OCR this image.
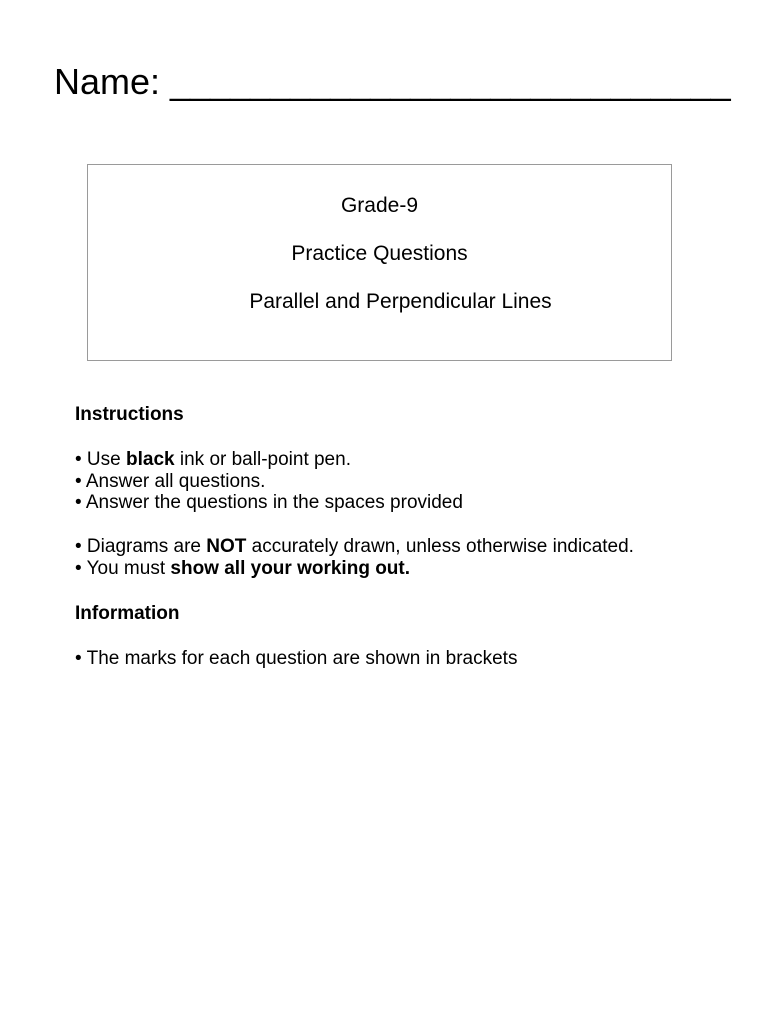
Name: ____________________________
Grade-9
Practice Questions
Parallel and Perpendicular Lines
Instructions
• Use black ink or ball-point pen.
• Answer all questions.
• Answer the questions in the spaces provided
• Diagrams are NOT accurately drawn, unless otherwise indicated.
• You must show all your working out.
Information
• The marks for each question are shown in brackets
